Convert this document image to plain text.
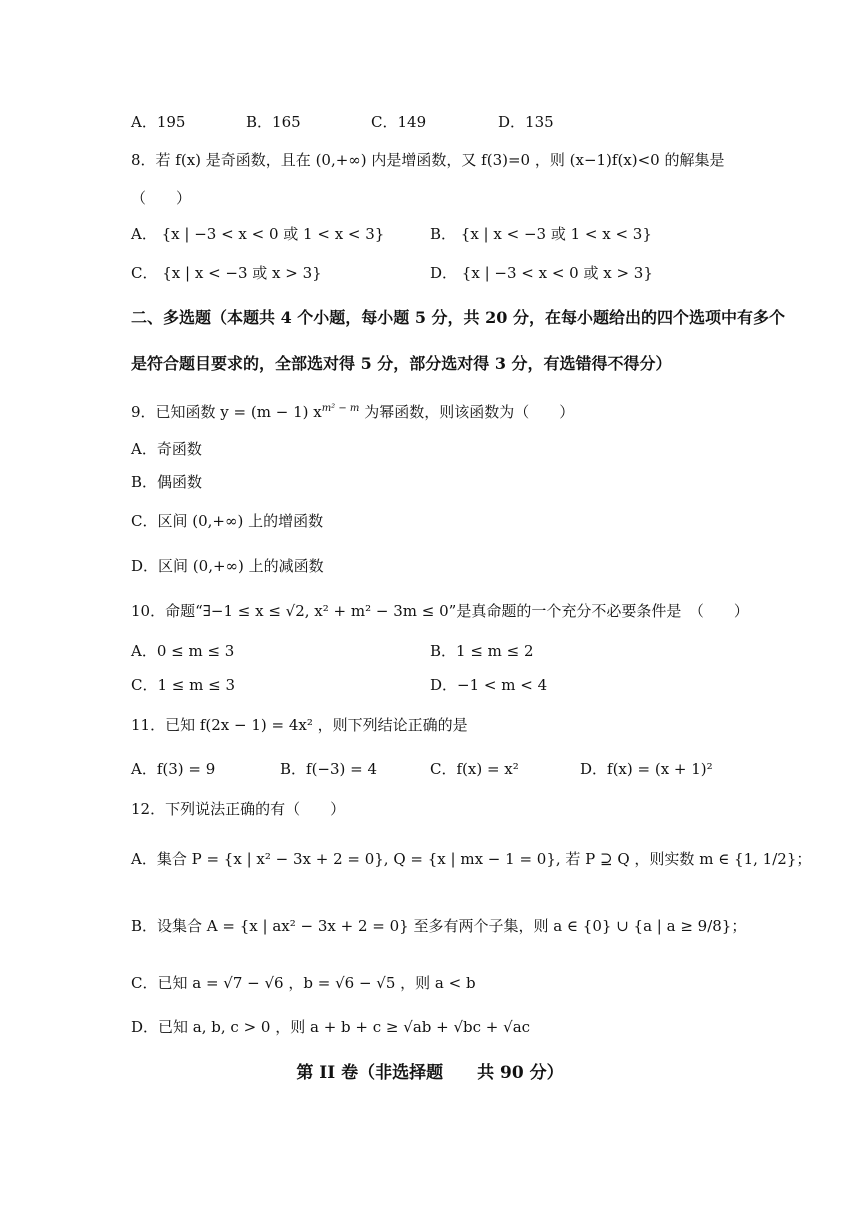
A．195	B．165	C．149	D．135
8．若 f(x) 是奇函数，且在 (0,+∞) 内是增函数，又 f(3)=0 ，则 (x−1)f(x)<0 的解集是
（　　）
A． {x | −3 < x < 0 或 1 < x < 3}	B． {x | x < −3 或 1 < x < 3}
C． {x | x < −3 或 x > 3}	D． {x | −3 < x < 0 或 x > 3}
二、多选题（本题共 4 个小题，每小题 5 分，共 20 分，在每小题给出的四个选项中有多个
是符合题目要求的，全部选对得 5 分，部分选对得 3 分，有选错得不得分）
9．已知函数 y = (m − 1) $x^{m^2 - m}$ 为幂函数，则该函数为（　　）
A．奇函数
B．偶函数
C．区间 (0,+∞) 上的增函数
D．区间 (0,+∞) 上的减函数
10．命题“∃−1 ≤ x ≤ √2, x² + m² − 3m ≤ 0”是真命题的一个充分不必要条件是　（　　）
A．0 ≤ m ≤ 3	B．1 ≤ m ≤ 2
C．1 ≤ m ≤ 3	D．−1 < m < 4
11．已知 f(2x − 1) = 4x² ，则下列结论正确的是
A．f(3) = 9	B．f(−3) = 4	C．f(x) = x²	D．f(x) = (x + 1)²
12．下列说法正确的有（　　）
A．集合 P = {x | x² − 3x + 2 = 0}, Q = {x | mx − 1 = 0}, 若 P ⊇ Q ，则实数 m ∈ {1, 1/2}；
B．设集合 A = {x | ax² − 3x + 2 = 0} 至多有两个子集，则 a ∈ {0} ∪ {a | a ≥ 9/8}；
C．已知 a = √7 − √6 ，b = √6 − √5 ，则 a < b
D．已知 a, b, c > 0 ，则 a + b + c ≥ √ab + √bc + √ac
第 II 卷（非选择题　　共 90 分）
